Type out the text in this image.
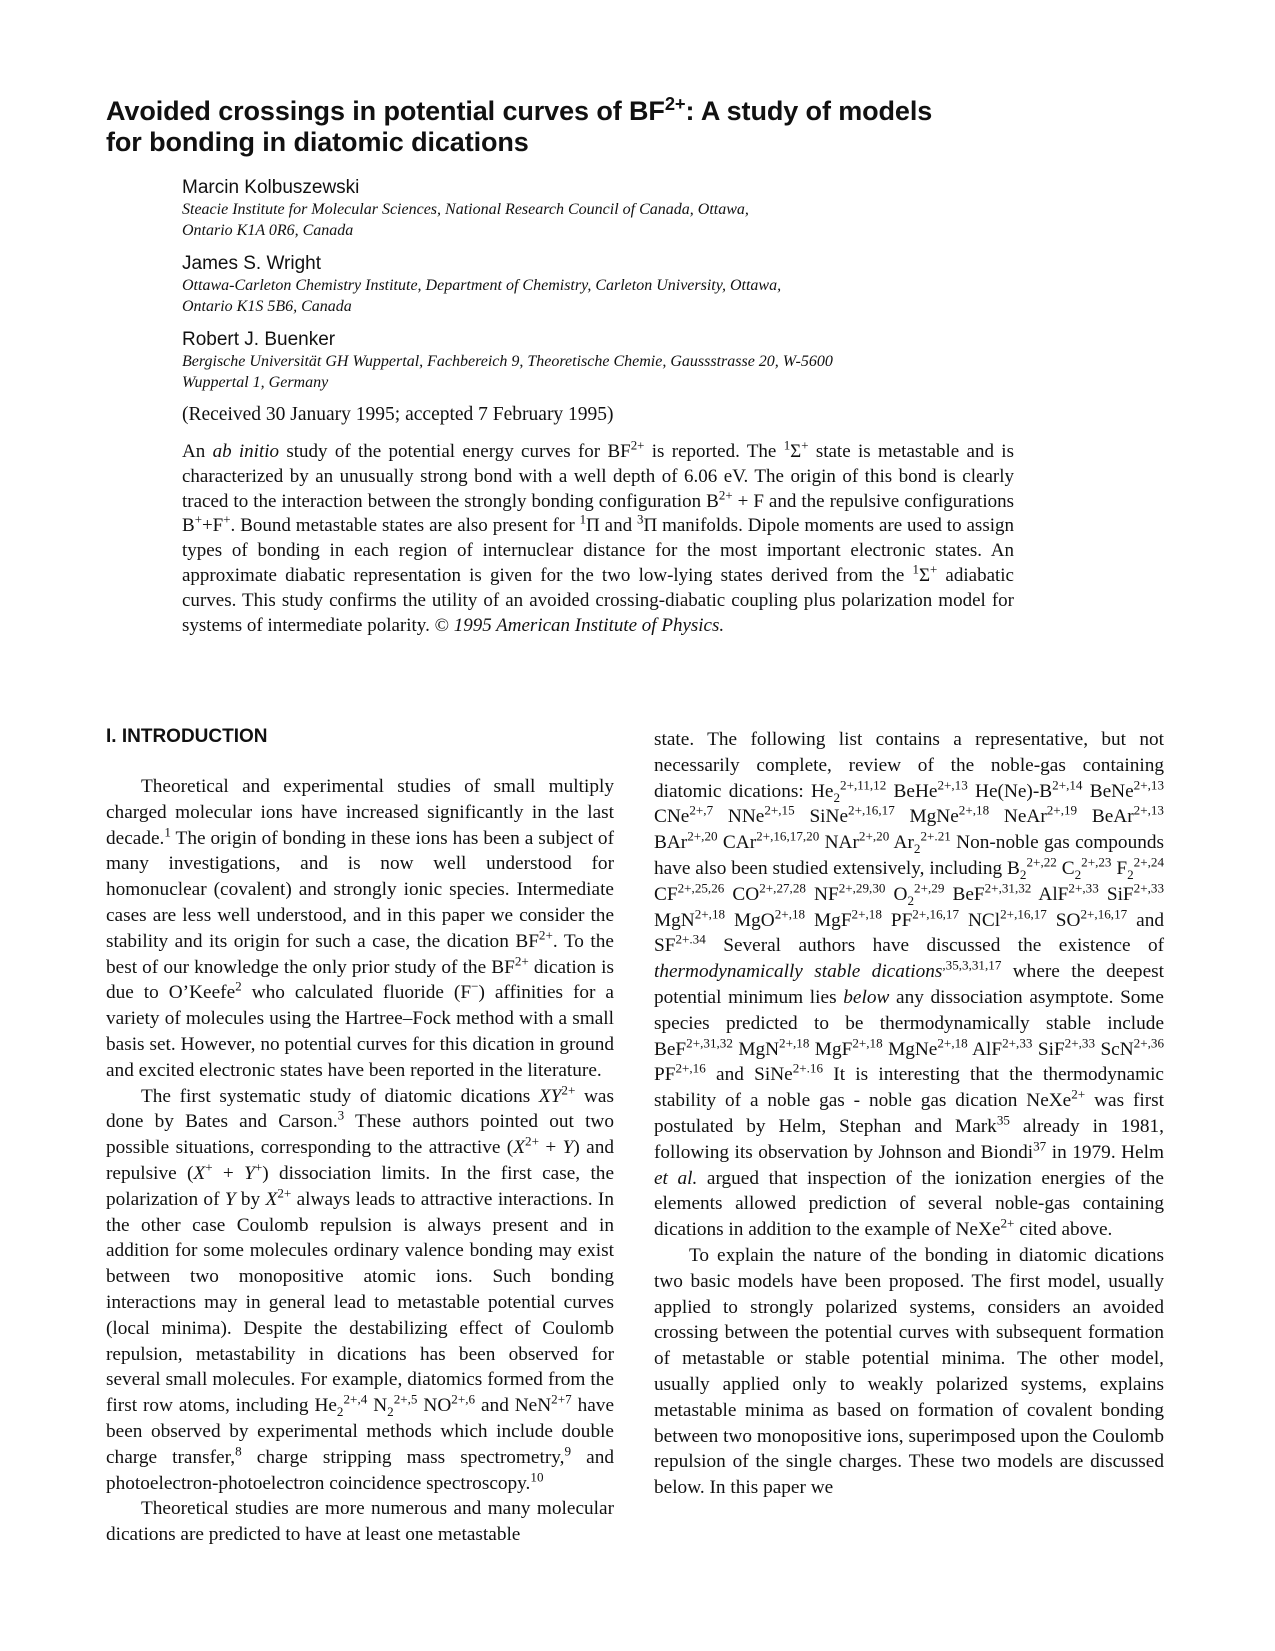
Avoided crossings in potential curves of $BF^{2+}$: A study of models
for bonding in diatomic dications
Marcin Kolbuszewski
Steacie Institute for Molecular Sciences, National Research Council of Canada, Ottawa,
Ontario K1A 0R6, Canada
James S. Wright
Ottawa-Carleton Chemistry Institute, Department of Chemistry, Carleton University, Ottawa,
Ontario K1S 5B6, Canada
Robert J. Buenker
Bergische Universität GH Wuppertal, Fachbereich 9, Theoretische Chemie, Gaussstrasse 20, W-5600
Wuppertal 1, Germany
(Received 30 January 1995; accepted 7 February 1995)

An ab initio study of the potential energy curves for $BF^{2+}$ is reported. The $^1$Σ+ state is metastable and is characterized by an unusually strong bond with a well depth of 6.06 eV. The origin of this bond is clearly traced to the interaction between the strongly bonding configuration $B^{2+} + F$ and the repulsive configurations B++F+. Bound metastable states are also present for $^1$Π and $^3$Π manifolds. Dipole moments are used to assign types of bonding in each region of internuclear distance for the most important electronic states. An approximate diabatic representation is given for the two low-lying states derived from the $^1$Σ+ adiabatic curves. This study confirms the utility of an avoided crossing-diabatic coupling plus polarization model for systems of intermediate polarity. © 1995 American Institute of Physics.

I. INTRODUCTION

Theoretical and experimental studies of small multiply charged molecular ions have increased significantly in the last decade.$^1$ The origin of bonding in these ions has been a subject of many investigations, and is now well understood for homonuclear (covalent) and strongly ionic species. Intermediate cases are less well understood, and in this paper we consider the stability and its origin for such a case, the dication $BF^{2+}$. To the best of our knowledge the only prior study of the $BF^{2+}$ dication is due to O’Keefe$^2$ who calculated fluoride (F−) affinities for a variety of molecules using the Hartree–Fock method with a small basis set. However, no potential curves for this dication in ground and excited electronic states have been reported in the literature.

The first systematic study of diatomic dications $XY^{2+}$ was done by Bates and Carson.$^3$ These authors pointed out two possible situations, corresponding to the attractive $(X^{2+} + Y)$ and repulsive (X+ + Y+) dissociation limits. In the first case, the polarization of Y by $X^{2+}$ always leads to attractive interactions. In the other case Coulomb repulsion is always present and in addition for some molecules ordinary valence bonding may exist between two monopositive atomic ions. Such bonding interactions may in general lead to metastable potential curves (local minima). Despite the destabilizing effect of Coulomb repulsion, metastability in dications has been observed for several small molecules. For example, diatomics formed from the first row atoms, including $He_2^{2+,4}$ $N_2^{2+,5}$ $NO^{2+,6}$ and NeN$^{2+7}$ have been observed by experimental methods which include double charge transfer,$^8$ charge stripping mass spectrometry,$^9$ and photoelectron-photoelectron coincidence spectroscopy.$^{10}$

Theoretical studies are more numerous and many molecular dications are predicted to have at least one metastable

state. The following list contains a representative, but not necessarily complete, review of the noble-gas containing diatomic dications: $He_2^{2+,11,12}$ BeHe$^{2+,13}$ $He(Ne)-B^{2+,14}$ BeNe$^{2+,13}$ CNe$^{2+,7}$ NNe$^{2+,15}$ SiNe$^{2+,16,17}$ MgNe$^{2+,18}$ NeAr$^{2+,19}$ BeAr$^{2+,13}$ BAr$^{2+,20}$ CAr$^{2+,16,17,20}$ NAr$^{2+,20}$ $Ar_2^{2+.21}$ Non-noble gas compounds have also been studied extensively, including $B_2^{2+,22}$ $C_2^{2+,23}$ $F_2^{2+,24}$ $CF^{2+,25,26}$ $CO^{2+,27,28}$ $NF^{2+,29,30}$ $O_2^{2+,29}$ BeF$^{2+,31,32}$ AlF$^{2+,33}$ SiF$^{2+,33}$ MgN$^{2+,18}$ MgO$^{2+,18}$ MgF$^{2+,18}$ $PF^{2+,16,17}$ NCl$^{2+,16,17}$ $SO^{2+,16,17}$ and $SF^{2+.34}$ Several authors have discussed the existence of thermodynamically stable dications$^{,35,3,31,17}$ where the deepest potential minimum lies below any dissociation asymptote. Some species predicted to be thermodynamically stable include BeF$^{2+,31,32}$ MgN$^{2+,18}$ MgF$^{2+,18}$ MgNe$^{2+,18}$ AlF$^{2+,33}$ SiF$^{2+,33}$ ScN$^{2+,36}$ $PF^{2+,16}$ and SiNe$^{2+.16}$ It is interesting that the thermodynamic stability of a noble gas - noble gas dication NeXe$^{2+}$ was first postulated by Helm, Stephan and Mark$^{35}$ already in 1981, following its observation by Johnson and Biondi$^{37}$ in 1979. Helm et al. argued that inspection of the ionization energies of the elements allowed prediction of several noble-gas containing dications in addition to the example of NeXe$^{2+}$ cited above.

To explain the nature of the bonding in diatomic dications two basic models have been proposed. The first model, usually applied to strongly polarized systems, considers an avoided crossing between the potential curves with subsequent formation of metastable or stable potential minima. The other model, usually applied only to weakly polarized systems, explains metastable minima as based on formation of covalent bonding between two monopositive ions, superimposed upon the Coulomb repulsion of the single charges. These two models are discussed below. In this paper we
